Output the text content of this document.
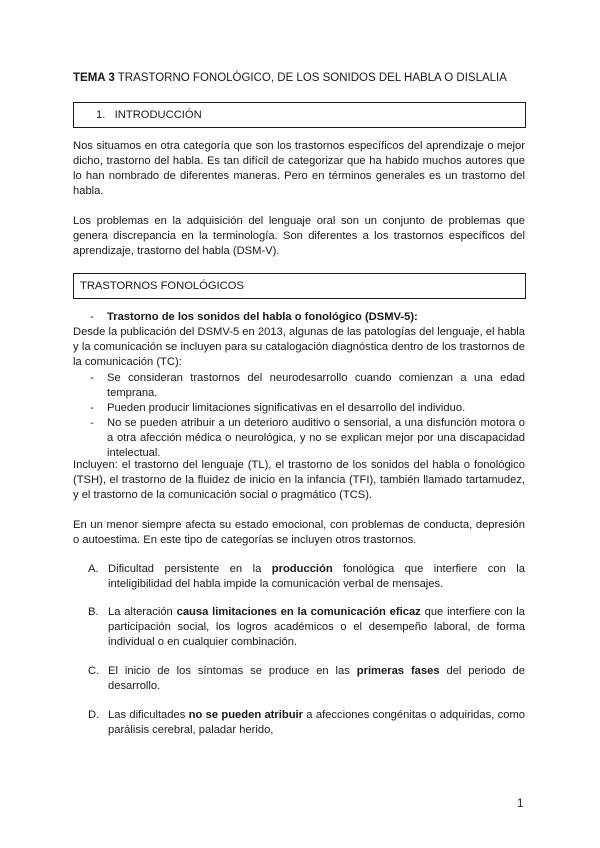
TEMA 3 TRASTORNO FONOLÓGICO, DE LOS SONIDOS DEL HABLA O DISLALIA
1. INTRODUCCIÓN
Nos situamos en otra categoría que son los trastornos específicos del aprendizaje o mejor dicho, trastorno del habla. Es tan difícil de categorizar que ha habido muchos autores que lo han nombrado de diferentes maneras. Pero en términos generales es un trastorno del habla.
Los problemas en la adquisición del lenguaje oral son un conjunto de problemas que genera discrepancia en la terminología. Son diferentes a los trastornos específicos del aprendizaje, trastorno del habla (DSM-V).
TRASTORNOS FONOLÓGICOS
- Trastorno de los sonidos del habla o fonológico (DSMV-5):
Desde la publicación del DSMV-5 en 2013, algunas de las patologías del lenguaje, el habla y la comunicación se incluyen para su catalogación diagnóstica dentro de los trastornos de la comunicación (TC):
- Se consideran trastornos del neurodesarrollo cuando comienzan a una edad temprana.
- Pueden producir limitaciones significativas en el desarrollo del individuo.
- No se pueden atribuir a un deterioro auditivo o sensorial, a una disfunción motora o a otra afección médica o neurológica, y no se explican mejor por una discapacidad intelectual.
Incluyen: el trastorno del lenguaje (TL), el trastorno de los sonidos del habla o fonológico (TSH), el trastorno de la fluidez de inicio en la infancia (TFI), también llamado tartamudez, y el trastorno de la comunicación social o pragmático (TCS).
En un menor siempre afecta su estado emocional, con problemas de conducta, depresión o autoestima. En este tipo de categorías se incluyen otros trastornos.
A. Dificultad persistente en la producción fonológica que interfiere con la inteligibilidad del habla impide la comunicación verbal de mensajes.
B. La alteración causa limitaciones en la comunicación eficaz que interfiere con la participación social, los logros académicos o el desempeño laboral, de forma individual o en cualquier combinación.
C. El inicio de los síntomas se produce en las primeras fases del periodo de desarrollo.
D. Las dificultades no se pueden atribuir a afecciones congénitas o adquiridas, como parálisis cerebral, paladar herido,
1
